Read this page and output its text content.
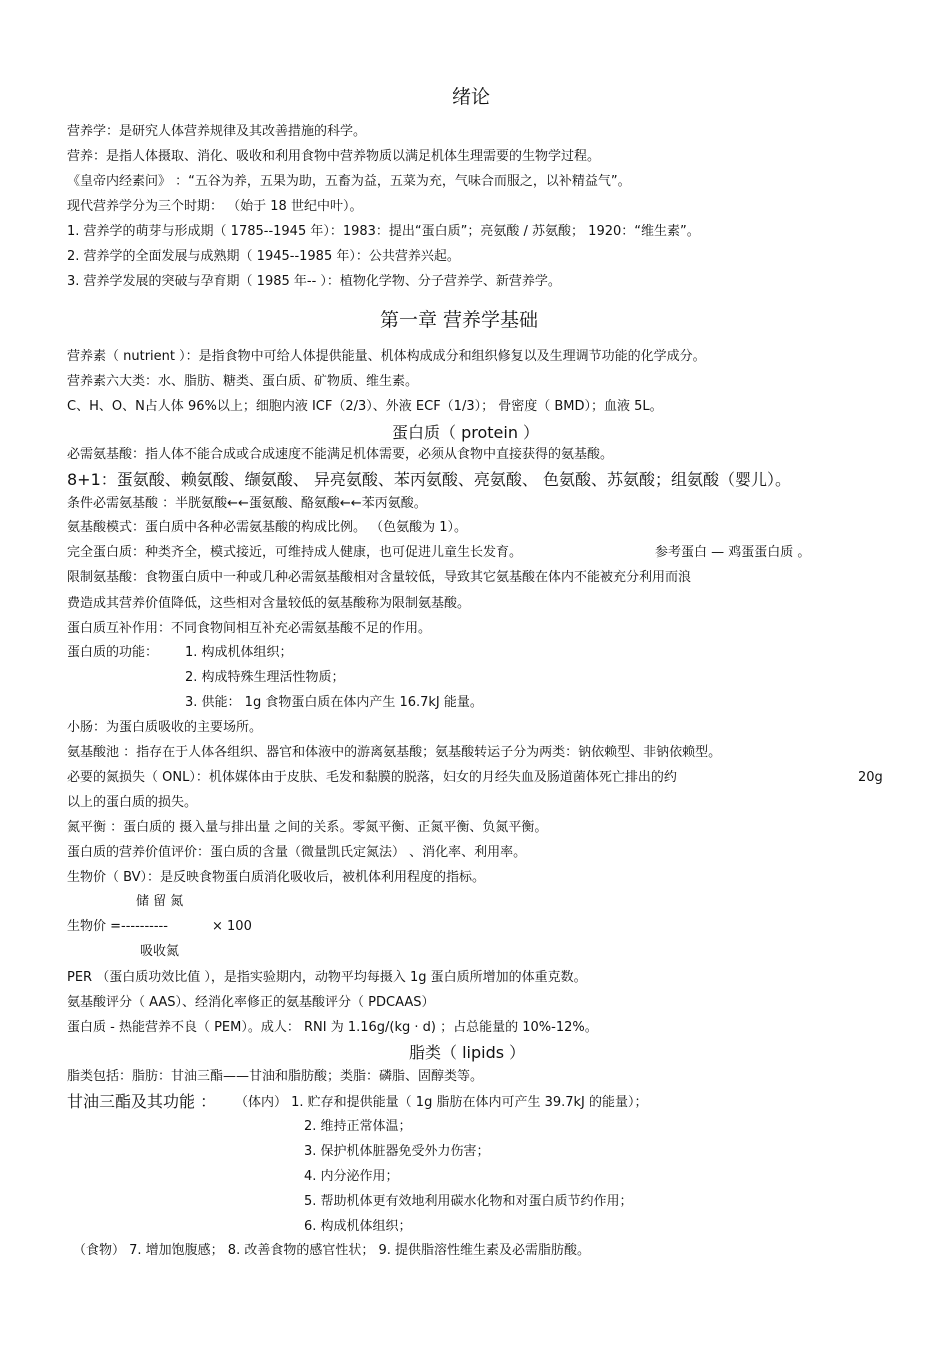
绪论
营养学：是研究人体营养规律及其改善措施的科学。
营养：是指人体摄取、消化、吸收和利用食物中营养物质以满足机体生理需要的生物学过程。
《皇帝内经素问》 ：“五谷为养，五果为助，五畜为益，五菜为充，气味合而服之，以补精益气”。
现代营养学分为三个时期： （始于 18 世纪中叶）。
1. 营养学的萌芽与形成期（ 1785--1945 年）：1983：提出“蛋白质”；亮氨酸 / 苏氨酸； 1920：“维生素”。
2. 营养学的全面发展与成熟期（ 1945--1985 年）：公共营养兴起。
3. 营养学发展的突破与孕育期（ 1985 年-- ）：植物化学物、分子营养学、新营养学。
第一章 营养学基础
营养素（ nutrient ）：是指食物中可给人体提供能量、机体构成成分和组织修复以及生理调节功能的化学成分。
营养素六大类：水、脂肪、糖类、蛋白质、矿物质、维生素。
C、H、O、N占人体 96%以上；细胞内液 ICF（2/3）、外液 ECF（1/3）； 骨密度（ BMD）；血液 5L。
蛋白质（ protein ）
必需氨基酸：指人体不能合成或合成速度不能满足机体需要，必须从食物中直接获得的氨基酸。
8+1：蛋氨酸、赖氨酸、缬氨酸、 异亮氨酸、苯丙氨酸、亮氨酸、 色氨酸、苏氨酸；组氨酸（婴儿）。
条件必需氨基酸 ：半胱氨酸←←蛋氨酸、酪氨酸←←苯丙氨酸。
氨基酸模式：蛋白质中各种必需氨基酸的构成比例。 （色氨酸为 1）。
完全蛋白质：种类齐全，模式接近，可维持成人健康，也可促进儿童生长发育。	参考蛋白 — 鸡蛋蛋白质 。
限制氨基酸：食物蛋白质中一种或几种必需氨基酸相对含量较低，导致其它氨基酸在体内不能被充分利用而浪
费造成其营养价值降低，这些相对含量较低的氨基酸称为限制氨基酸。
蛋白质互补作用：不同食物间相互补充必需氨基酸不足的作用。
蛋白质的功能： 1. 构成机体组织；
2. 构成特殊生理活性物质；
3. 供能： 1g 食物蛋白质在体内产生 16.7kJ 能量。
小肠：为蛋白质吸收的主要场所。
氨基酸池 ：指存在于人体各组织、器官和体液中的游离氨基酸；氨基酸转运子分为两类：钠依赖型、非钠依赖型。
必要的氮损失（ ONL）：机体媒体由于皮肤、毛发和黏膜的脱落，妇女的月经失血及肠道菌体死亡排出的约	20g
以上的蛋白质的损失。
氮平衡 ：蛋白质的 摄入量与排出量 之间的关系。零氮平衡、正氮平衡、负氮平衡。
蛋白质的营养价值评价：蛋白质的含量（微量凯氏定氮法） 、消化率、利用率。
生物价（ BV）：是反映食物蛋白质消化吸收后，被机体利用程度的指标。
储 留 氮
生物价 =----------	× 100
吸收氮
PER （蛋白质功效比值 ），是指实验期内，动物平均每摄入 1g 蛋白质所增加的体重克数。
氨基酸评分（ AAS）、经消化率修正的氨基酸评分（ PDCAAS）
蛋白质 - 热能营养不良（ PEM）。成人： RNI 为 1.16g/(kg · d) ；占总能量的 10%-12%。
脂类（ lipids ）
脂类包括：脂肪：甘油三酯——甘油和脂肪酸；类脂：磷脂、固醇类等。
甘油三酯及其功能 ： （体内） 1. 贮存和提供能量（ 1g 脂肪在体内可产生 39.7kJ 的能量）；
2. 维持正常体温；
3. 保护机体脏器免受外力伤害；
4. 内分泌作用；
5. 帮助机体更有效地利用碳水化物和对蛋白质节约作用；
6. 构成机体组织；
（食物） 7. 增加饱腹感； 8. 改善食物的感官性状； 9. 提供脂溶性维生素及必需脂肪酸。
